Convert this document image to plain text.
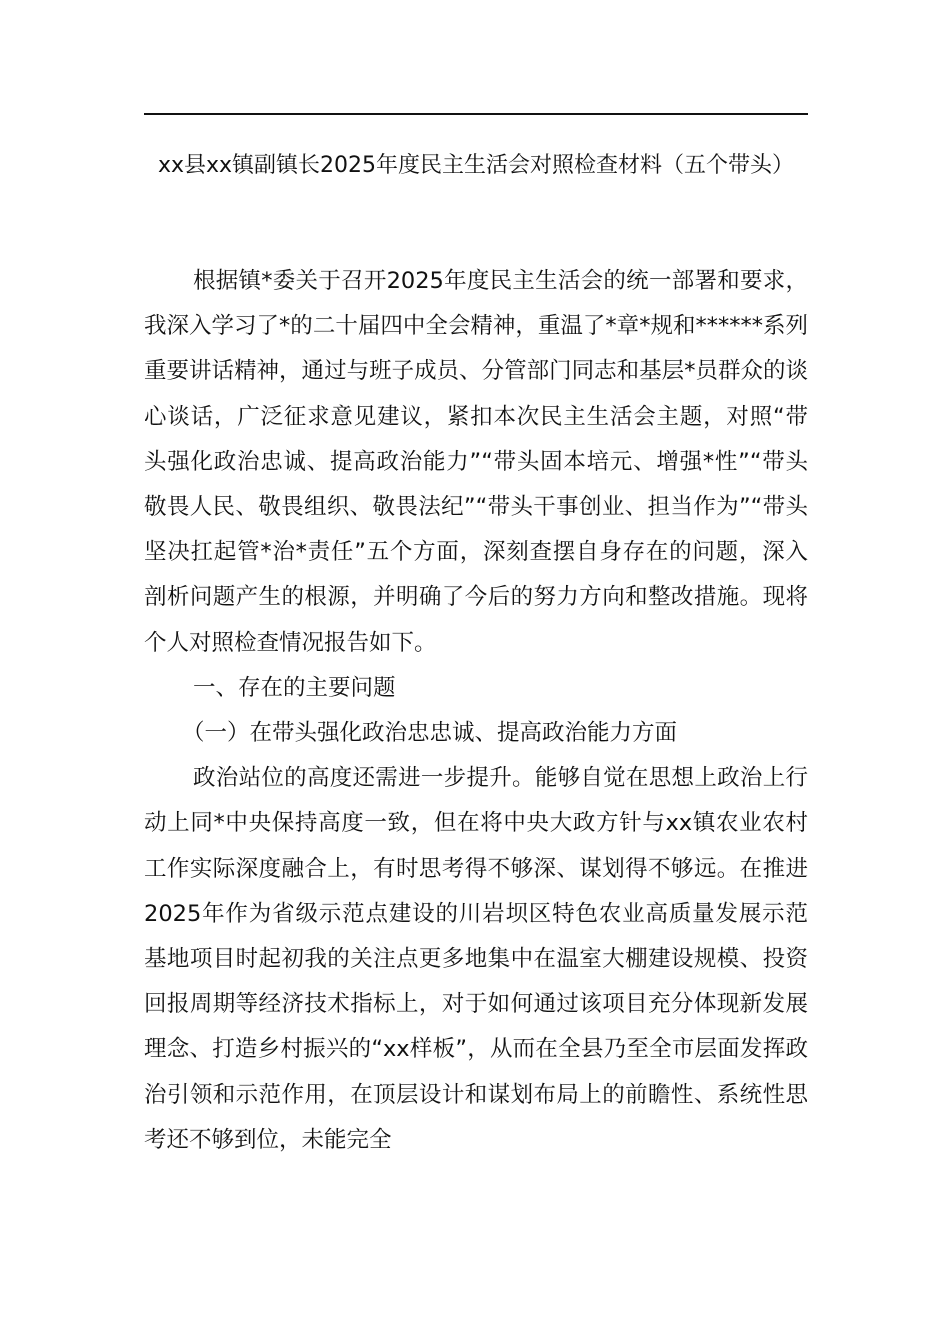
xx县xx镇副镇长2025年度民主生活会对照检查材料（五个带头）

根据镇*委关于召开2025年度民主生活会的统一部署和要求，我深入学习了*的二十届四中全会精神，重温了*章*规和******系列重要讲话精神，通过与班子成员、分管部门同志和基层*员群众的谈心谈话，广泛征求意见建议，紧扣本次民主生活会主题，对照“带头强化政治忠诚、提高政治能力”“带头固本培元、增强*性”“带头敬畏人民、敬畏组织、敬畏法纪”“带头干事创业、担当作为”“带头坚决扛起管*治*责任”五个方面，深刻查摆自身存在的问题，深入剖析问题产生的根源，并明确了今后的努力方向和整改措施。现将个人对照检查情况报告如下。

一、存在的主要问题

（一）在带头强化政治忠忠诚、提高政治能力方面

政治站位的高度还需进一步提升。能够自觉在思想上政治上行动上同*中央保持高度一致，但在将中央大政方针与xx镇农业农村工作实际深度融合上，有时思考得不够深、谋划得不够远。在推进2025年作为省级示范点建设的川岩坝区特色农业高质量发展示范基地项目时起初我的关注点更多地集中在温室大棚建设规模、投资回报周期等经济技术指标上，对于如何通过该项目充分体现新发展理念、打造乡村振兴的“xx样板”，从而在全县乃至全市层面发挥政治引领和示范作用，在顶层设计和谋划布局上的前瞻性、系统性思考还不够到位，未能完全
